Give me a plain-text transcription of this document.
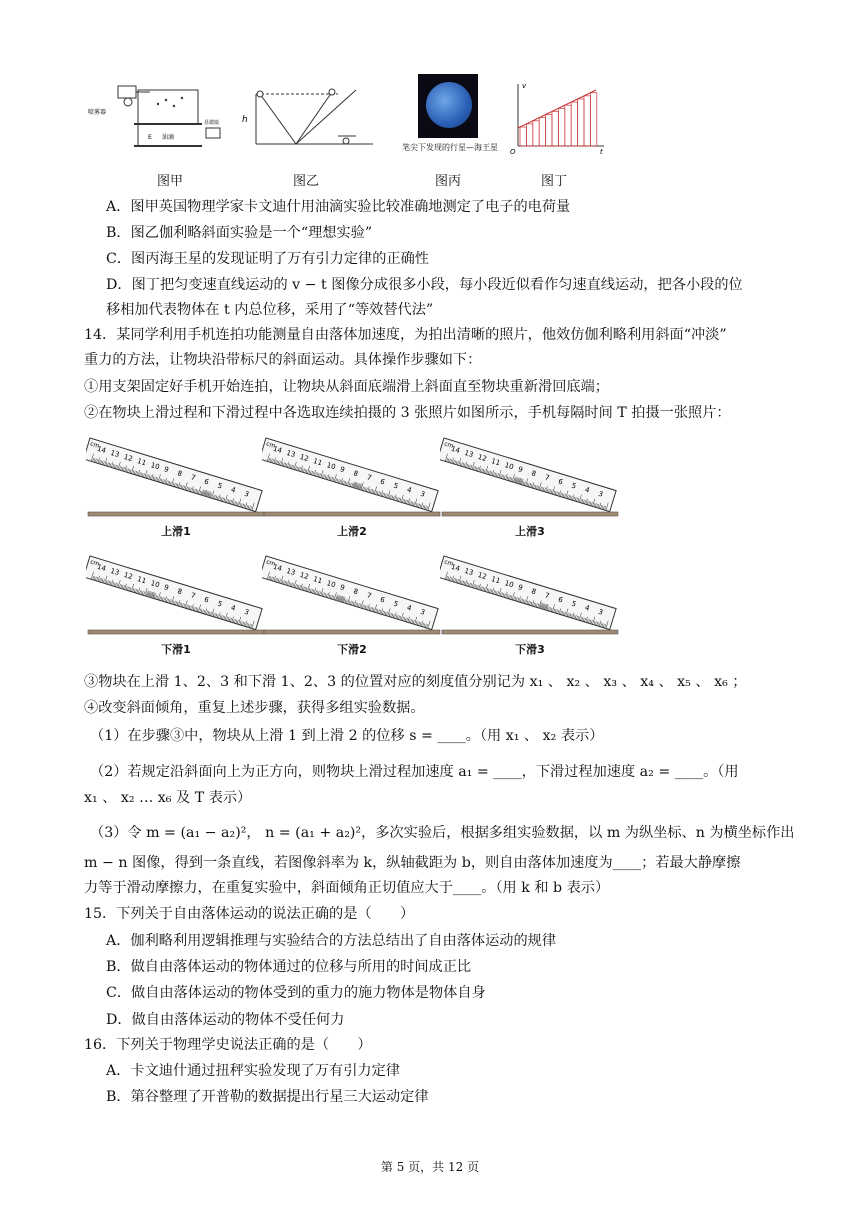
喷雾器
显微镜
E 油滴
图甲
h
图乙
笔尖下发现的行星—海王星
图丙
v
t
O
图丁
A．图甲英国物理学家卡文迪什用油滴实验比较准确地测定了电子的电荷量
B．图乙伽利略斜面实验是一个“理想实验”
C．图丙海王星的发现证明了万有引力定律的正确性
D．图丁把匀变速直线运动的 v − t 图像分成很多小段，每小段近似看作匀速直线运动，把各小段的位
移相加代表物体在 t 内总位移，采用了“等效替代法”
14．某同学利用手机连拍功能测量自由落体加速度，为拍出清晰的照片，他效仿伽利略利用斜面“冲淡”
重力的方法，让物块沿带标尺的斜面运动。具体操作步骤如下：
①用支架固定好手机开始连拍，让物块从斜面底端滑上斜面直至物块重新滑回底端；
②在物块上滑过程和下滑过程中各选取连续拍摄的 3 张照片如图所示，手机每隔时间 T 拍摄一张照片：
cm
14 13 12 11 10 9 8 7 6 5 4 3
上滑1
cm
14 13 12 11 10 9 8 7 6 5 4 3
上滑2
cm
14 13 12 11 10 9 8 7 6 5 4 3
上滑3
cm
14 13 12 11 10 9 8 7 6 5 4 3
下滑1
cm
14 13 12 11 10 9 8 7 6 5 4 3
下滑2
cm
14 13 12 11 10 9 8 7 6 5 4 3
下滑3
③物块在上滑 1、2、3 和下滑 1、2、3 的位置对应的刻度值分别记为 x₁ 、 x₂ 、 x₃ 、 x₄ 、 x₅ 、 x₆ ；
④改变斜面倾角，重复上述步骤，获得多组实验数据。
（1）在步骤③中，物块从上滑 1 到上滑 2 的位移 s = ____。（用 x₁ 、 x₂ 表示）
（2）若规定沿斜面向上为正方向，则物块上滑过程加速度 a₁ = ____，下滑过程加速度 a₂ = ____。（用
x₁ 、 x₂ … x₆ 及 T 表示）
（3）令 m = (a₁ − a₂)²， n = (a₁ + a₂)²，多次实验后，根据多组实验数据，以 m 为纵坐标、n 为横坐标作出
m − n 图像，得到一条直线，若图像斜率为 k，纵轴截距为 b，则自由落体加速度为____；若最大静摩擦
力等于滑动摩擦力，在重复实验中，斜面倾角正切值应大于____。（用 k 和 b 表示）
15．下列关于自由落体运动的说法正确的是（　　）
A．伽利略利用逻辑推理与实验结合的方法总结出了自由落体运动的规律
B．做自由落体运动的物体通过的位移与所用的时间成正比
C．做自由落体运动的物体受到的重力的施力物体是物体自身
D．做自由落体运动的物体不受任何力
16．下列关于物理学史说法正确的是（　　）
A．卡文迪什通过扭秤实验发现了万有引力定律
B．第谷整理了开普勒的数据提出行星三大运动定律
第 5 页，共 12 页
